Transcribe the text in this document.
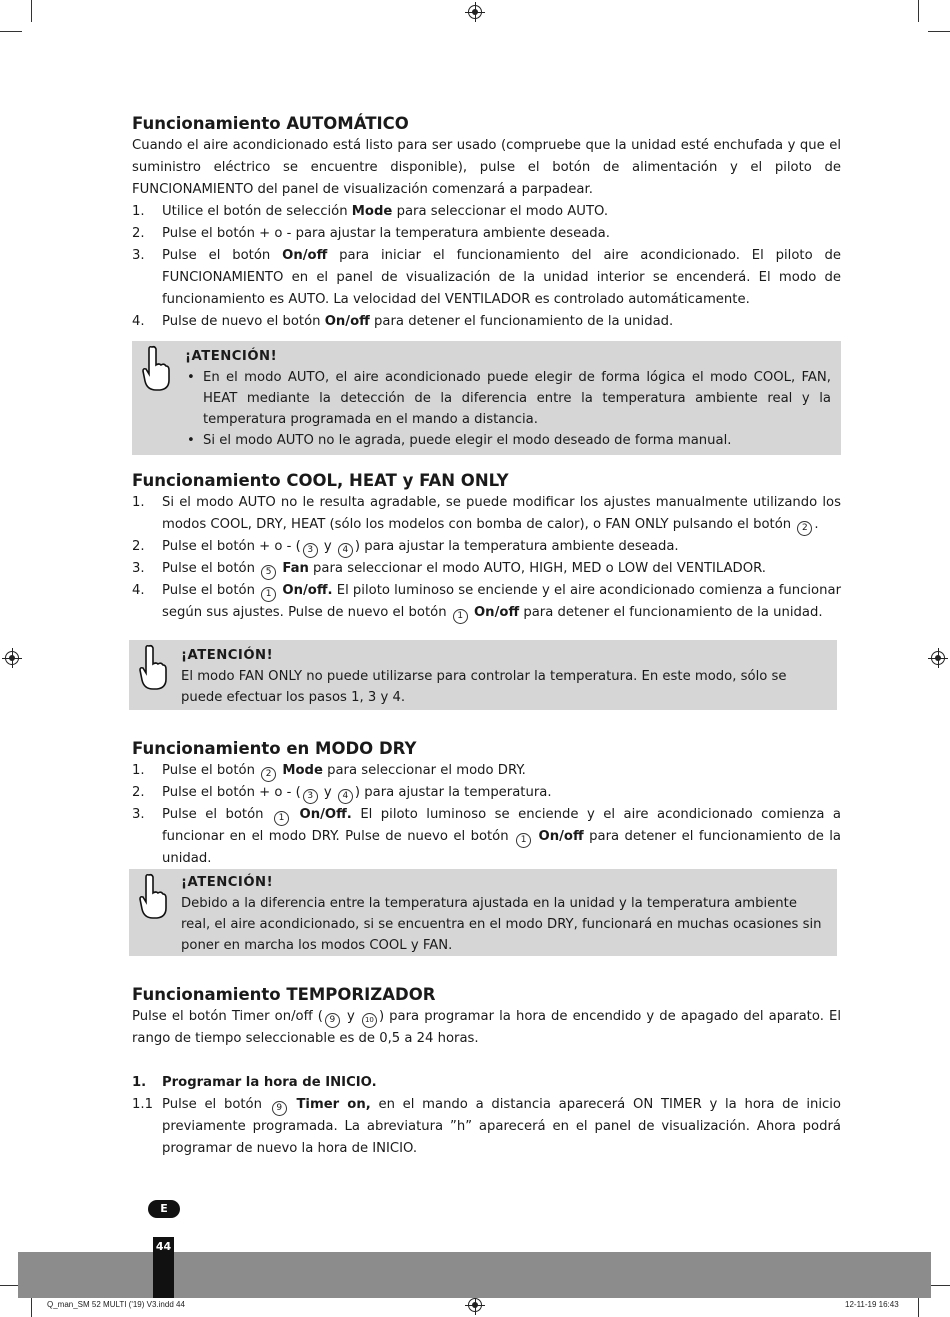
Funcionamiento AUTOMÁTICO

Cuando el aire acondicionado está listo para ser usado (compruebe que la unidad esté enchufada y que el suministro eléctrico se encuentre disponible), pulse el botón de alimentación y el piloto de FUNCIONAMIENTO del panel de visualización comenzará a parpadear.

1. Utilice el botón de selección Mode para seleccionar el modo AUTO.
2. Pulse el botón + o - para ajustar la temperatura ambiente deseada.
3. Pulse el botón On/off para iniciar el funcionamiento del aire acondicionado. El piloto de FUNCIONAMIENTO en el panel de visualización de la unidad interior se encenderá. El modo de funcionamiento es AUTO. La velocidad del VENTILADOR es controlado automáticamente.
4. Pulse de nuevo el botón On/off para detener el funcionamiento de la unidad.
¡ATENCIÓN!
• En el modo AUTO, el aire acondicionado puede elegir de forma lógica el modo COOL, FAN, HEAT mediante la detección de la diferencia entre la temperatura ambiente real y la temperatura programada en el mando a distancia.
• Si el modo AUTO no le agrada, puede elegir el modo deseado de forma manual.
Funcionamiento COOL, HEAT y FAN ONLY
1. Si el modo AUTO no le resulta agradable, se puede modificar los ajustes manualmente utilizando los modos COOL, DRY, HEAT (sólo los modelos con bomba de calor), o FAN ONLY pulsando el botón 2 .
2. Pulse el botón + o - ( 3 y 4 ) para ajustar la temperatura ambiente deseada.
3. Pulse el botón 5 Fan para seleccionar el modo AUTO, HIGH, MED o LOW del VENTILADOR.
4. Pulse el botón 1 On/off. El piloto luminoso se enciende y el aire acondicionado comienza a funcionar según sus ajustes. Pulse de nuevo el botón 1 On/off para detener el funcionamiento de la unidad.
¡ATENCIÓN!
El modo FAN ONLY no puede utilizarse para controlar la temperatura. En este modo, sólo se puede efectuar los pasos 1, 3 y 4.
Funcionamiento en MODO DRY
1. Pulse el botón 2 Mode para seleccionar el modo DRY.
2. Pulse el botón + o - ( 3 y 4 ) para ajustar la temperatura.
3. Pulse el botón 1 On/Off. El piloto luminoso se enciende y el aire acondicionado comienza a funcionar en el modo DRY. Pulse de nuevo el botón 1 On/off para detener el funcionamiento de la unidad.
¡ATENCIÓN!
Debido a la diferencia entre la temperatura ajustada en la unidad y la temperatura ambiente real, el aire acondicionado, si se encuentra en el modo DRY, funcionará en muchas ocasiones sin poner en marcha los modos COOL y FAN.
Funcionamiento TEMPORIZADOR

Pulse el botón Timer on/off ( 9 y 10 ) para programar la hora de encendido y de apagado del aparato. El rango de tiempo seleccionable es de 0,5 a 24 horas.

1. Programar la hora de INICIO.
1.1 Pulse el botón 9 Timer on, en el mando a distancia aparecerá ON TIMER y la hora de inicio previamente programada. La abreviatura ”h” aparecerá en el panel de visualización. Ahora podrá programar de nuevo la hora de INICIO.
E
44
Q_man_SM 52 MULTI ('19) V3.indd 44	12-11-19 16:43
